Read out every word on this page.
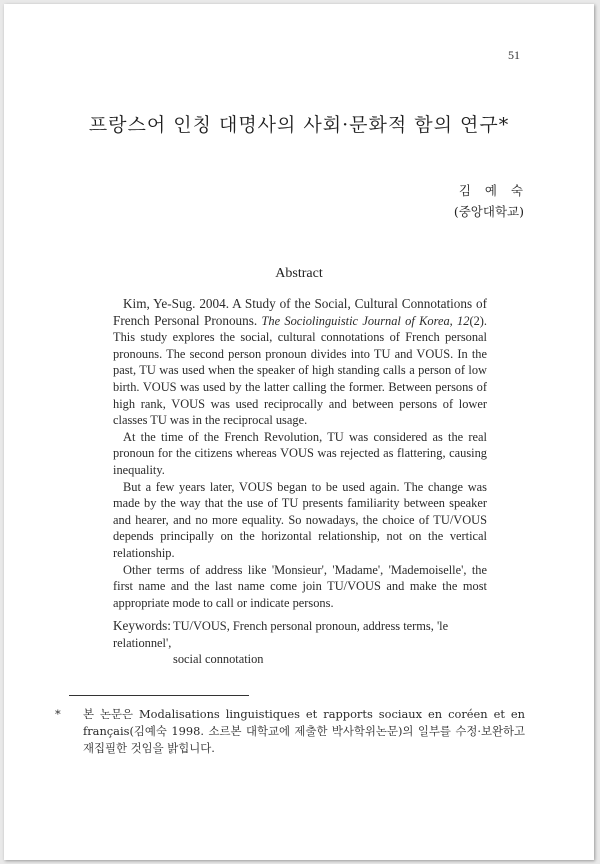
51
프랑스어 인칭 대명사의 사회·문화적 함의 연구*
김 예 숙
(중앙대학교)
Abstract

Kim, Ye-Sug. 2004. A Study of the Social, Cultural Connotations of French Personal Pronouns. The Sociolinguistic Journal of Korea, 12(2). This study explores the social, cultural connotations of French personal pronouns. The second person pronoun divides into TU and VOUS. In the past, TU was used when the speaker of high standing calls a person of low birth. VOUS was used by the latter calling the former. Between persons of high rank, VOUS was used reciprocally and between persons of lower classes TU was in the reciprocal usage.

At the time of the French Revolution, TU was considered as the real pronoun for the citizens whereas VOUS was rejected as flattering, causing inequality.

But a few years later, VOUS began to be used again. The change was made by the way that the use of TU presents familiarity between speaker and hearer, and no more equality. So nowadays, the choice of TU/VOUS depends principally on the horizontal relationship, not on the vertical relationship.

Other terms of address like 'Monsieur', 'Madame', 'Mademoiselle', the first name and the last name come join TU/VOUS and make the most appropriate mode to call or indicate persons.

Keywords: TU/VOUS, French personal pronoun, address terms, 'le relationnel',
social connotation
* 본 논문은 Modalisations linguistiques et rapports sociaux en coréen et en français(김예숙 1998. 소르본 대학교에 제출한 박사학위논문)의 일부를 수정·보완하고 재집필한 것임을 밝힙니다.
